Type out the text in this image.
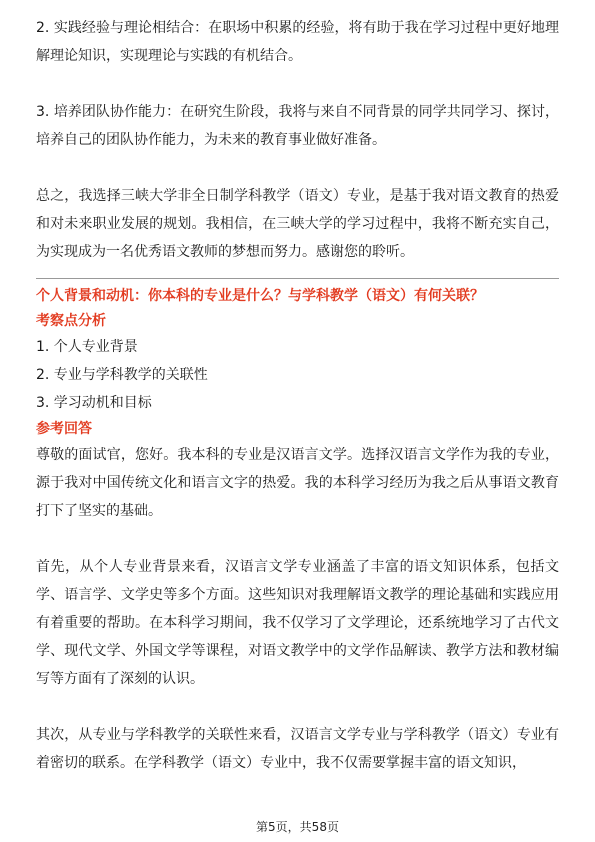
2. 实践经验与理论相结合：在职场中积累的经验，将有助于我在学习过程中更好地理解理论知识，实现理论与实践的有机结合。

3. 培养团队协作能力：在研究生阶段，我将与来自不同背景的同学共同学习、探讨，培养自己的团队协作能力，为未来的教育事业做好准备。

总之，我选择三峡大学非全日制学科教学（语文）专业，是基于我对语文教育的热爱和对未来职业发展的规划。我相信，在三峡大学的学习过程中，我将不断充实自己，为实现成为一名优秀语文教师的梦想而努力。感谢您的聆听。

个人背景和动机：你本科的专业是什么？与学科教学（语文）有何关联？

考察点分析

1. 个人专业背景

2. 专业与学科教学的关联性

3. 学习动机和目标

参考回答

尊敬的面试官，您好。我本科的专业是汉语言文学。选择汉语言文学作为我的专业，源于我对中国传统文化和语言文字的热爱。我的本科学习经历为我之后从事语文教育打下了坚实的基础。

首先，从个人专业背景来看，汉语言文学专业涵盖了丰富的语文知识体系，包括文学、语言学、文学史等多个方面。这些知识对我理解语文教学的理论基础和实践应用有着重要的帮助。在本科学习期间，我不仅学习了文学理论，还系统地学习了古代文学、现代文学、外国文学等课程，对语文教学中的文学作品解读、教学方法和教材编写等方面有了深刻的认识。

其次，从专业与学科教学的关联性来看，汉语言文学专业与学科教学（语文）专业有着密切的联系。在学科教学（语文）专业中，我不仅需要掌握丰富的语文知识，

第5页，共58页
